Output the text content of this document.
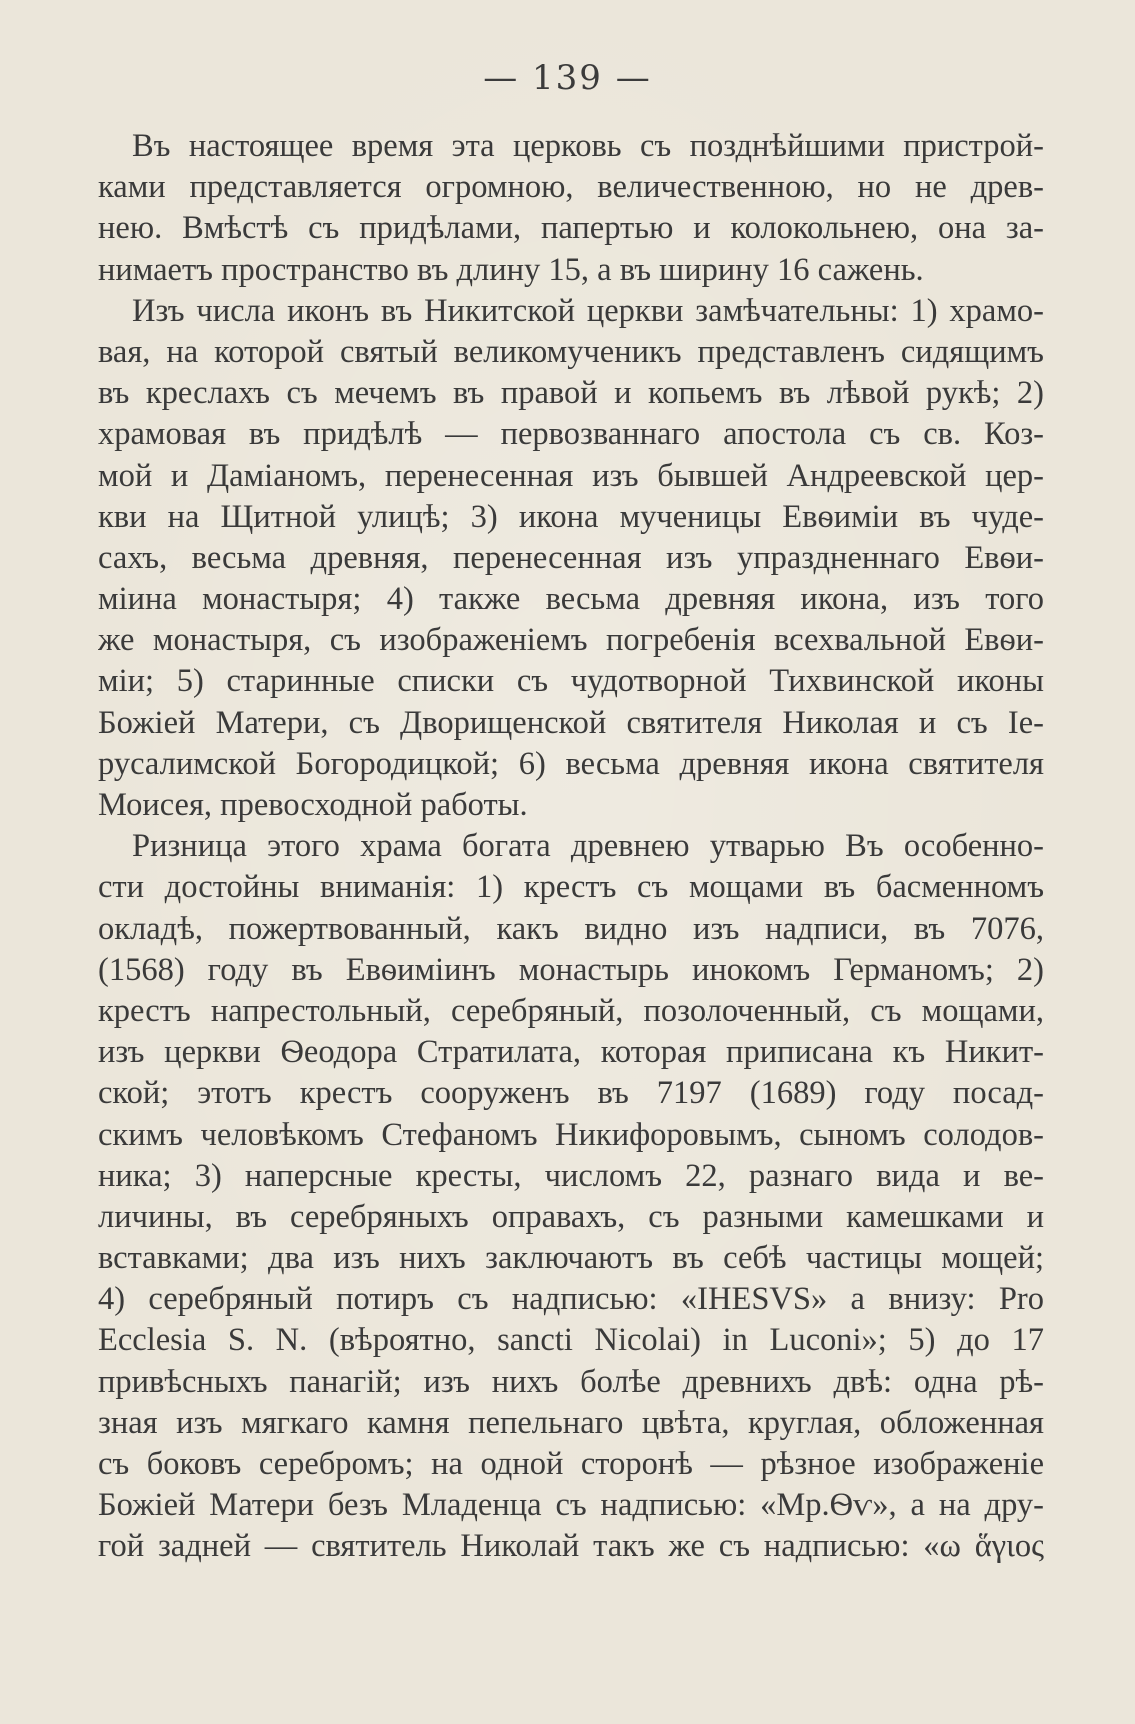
— 139 —
Въ настоящее время эта церковь съ позднѣйшими пристрой-
ками представляется огромною, величественною, но не древ-
нею. Вмѣстѣ съ придѣлами, папертью и колокольнею, она за-
нимаетъ пространство въ длину 15, а въ ширину 16 сажень.
Изъ числа иконъ въ Никитской церкви замѣчательны: 1) храмо-
вая, на которой святый великомученикъ представленъ сидящимъ
въ креслахъ съ мечемъ въ правой и копьемъ въ лѣвой рукѣ; 2)
храмовая въ придѣлѣ — первозваннаго апостола съ св. Коз-
мой и Даміаномъ, перенесенная изъ бывшей Андреевской цер-
кви на Щитной улицѣ; 3) икона мученицы Евѳиміи въ чуде-
сахъ, весьма древняя, перенесенная изъ упраздненнаго Евѳи-
міина монастыря; 4) также весьма древняя икона, изъ того
же монастыря, съ изображеніемъ погребенія всехвальной Евѳи-
міи; 5) старинные списки съ чудотворной Тихвинской иконы
Божіей Матери, съ Дворищенской святителя Николая и съ Іе-
русалимской Богородицкой; 6) весьма древняя икона святителя
Моисея, превосходной работы.
Ризница этого храма богата древнею утварью Въ особенно-
сти достойны вниманія: 1) крестъ съ мощами въ басменномъ
окладѣ, пожертвованный, какъ видно изъ надписи, въ 7076,
(1568) году въ Евѳиміинъ монастырь инокомъ Германомъ; 2)
крестъ напрестольный, серебряный, позолоченный, съ мощами,
изъ церкви Ѳеодора Стратилата, которая приписана къ Никит-
ской; этотъ крестъ сооруженъ въ 7197 (1689) году посад-
скимъ человѣкомъ Стефаномъ Никифоровымъ, сыномъ солодов-
ника; 3) наперсные кресты, числомъ 22, разнаго вида и ве-
личины, въ серебряныхъ оправахъ, съ разными камешками и
вставками; два изъ нихъ заключаютъ въ себѣ частицы мощей;
4) серебряный потиръ съ надписью: «IHESVS» а внизу: Pro
Ecclesia S. N. (вѣроятно, sancti Nicolai) in Luconi»; 5) до 17
привѣсныхъ панагій; изъ нихъ болѣе древнихъ двѣ: одна рѣ-
зная изъ мягкаго камня пепельнаго цвѣта, круглая, обложенная
съ боковъ серебромъ; на одной сторонѣ — рѣзное изображеніе
Божіей Матери безъ Младенца съ надписью: «Мр.Ѳѵ», а на дру-
гой задней — святитель Николай такъ же съ надписью: «ω ἅγιος
